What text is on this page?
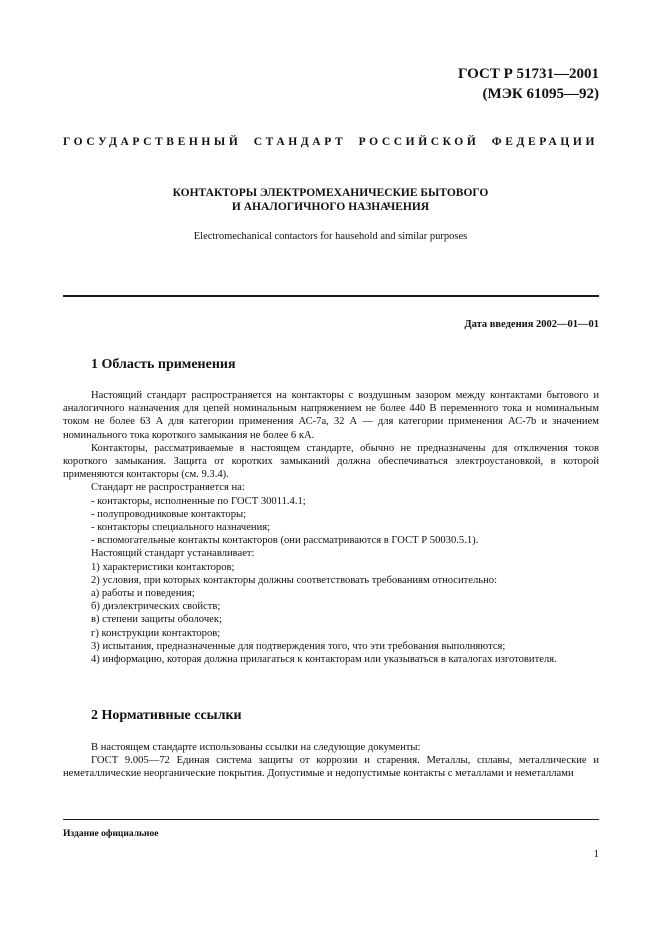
ГОСТ Р 51731—2001
(МЭК 61095—92)
ГОСУДАРСТВЕННЫЙ СТАНДАРТ РОССИЙСКОЙ ФЕДЕРАЦИИ
КОНТАКТОРЫ ЭЛЕКТРОМЕХАНИЧЕСКИЕ БЫТОВОГО
И АНАЛОГИЧНОГО НАЗНАЧЕНИЯ
Electromechanical contactors for hausehold and similar purposes
Дата введения 2002—01—01
1 Область применения

Настоящий стандарт распространяется на контакторы с воздушным зазором между контактами бытового и аналогичного назначения для цепей номинальным напряжением не более 440 В переменного тока и номинальным током не более 63 А для категории применения АС-7а, 32 А — для категории применения АС-7b и значением номинального тока короткого замыкания не более 6 кА.

Контакторы, рассматриваемые в настоящем стандарте, обычно не предназначены для отключения токов короткого замыкания. Защита от коротких замыканий должна обеспечиваться электроустановкой, в которой применяются контакторы (см. 9.3.4).

Стандарт не распространяется на:

- контакторы, исполненные по ГОСТ 30011.4.1;

- полупроводниковые контакторы;

- контакторы специального назначения;

- вспомогательные контакты контакторов (они рассматриваются в ГОСТ Р 50030.5.1).

Настоящий стандарт устанавливает:

1) характеристики контакторов;

2) условия, при которых контакторы должны соответствовать требованиям относительно:

а) работы и поведения;

б) диэлектрических свойств;

в) степени защиты оболочек;

г) конструкции контакторов;

3) испытания, предназначенные для подтверждения того, что эти требования выполняются;

4) информацию, которая должна прилагаться к контакторам или указываться в каталогах изготовителя.

2 Нормативные ссылки

В настоящем стандарте использованы ссылки на следующие документы:

ГОСТ 9.005—72 Единая система защиты от коррозии и старения. Металлы, сплавы, металлические и неметаллические неорганические покрытия. Допустимые и недопустимые контакты с металлами и неметаллами

Издание официальное
1
